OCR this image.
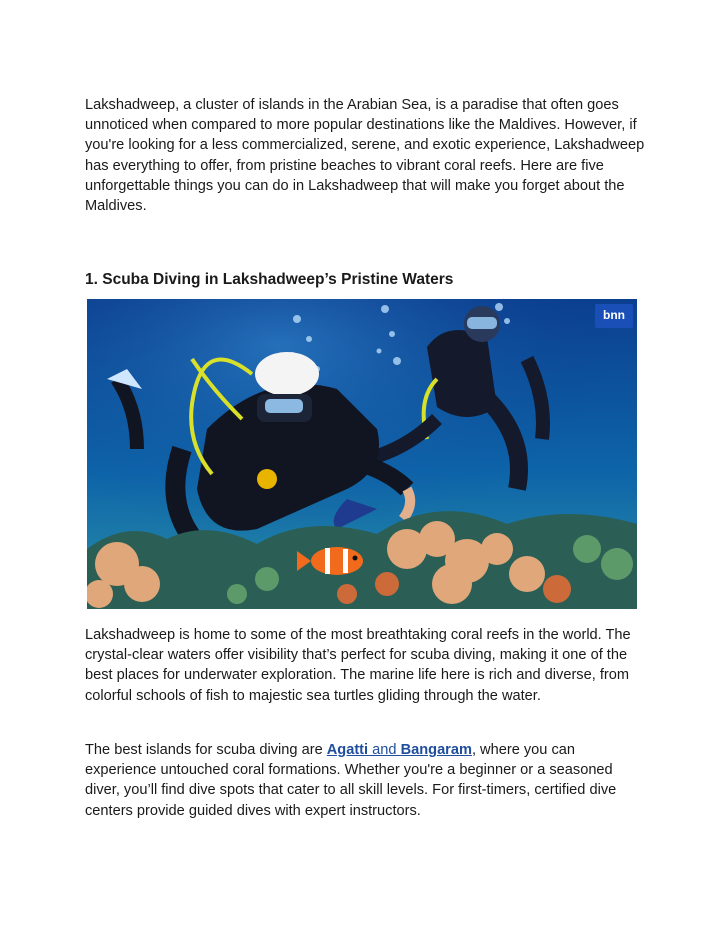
Lakshadweep, a cluster of islands in the Arabian Sea, is a paradise that often goes unnoticed when compared to more popular destinations like the Maldives. However, if you're looking for a less commercialized, serene, and exotic experience, Lakshadweep has everything to offer, from pristine beaches to vibrant coral reefs. Here are five unforgettable things you can do in Lakshadweep that will make you forget about the Maldives.

1. Scuba Diving in Lakshadweep’s Pristine Waters
bnn

Lakshadweep is home to some of the most breathtaking coral reefs in the world. The crystal-clear waters offer visibility that’s perfect for scuba diving, making it one of the best places for underwater exploration. The marine life here is rich and diverse, from colorful schools of fish to majestic sea turtles gliding through the water.

The best islands for scuba diving are Agatti and Bangaram, where you can experience untouched coral formations. Whether you're a beginner or a seasoned diver, you’ll find dive spots that cater to all skill levels. For first-timers, certified dive centers provide guided dives with expert instructors.
